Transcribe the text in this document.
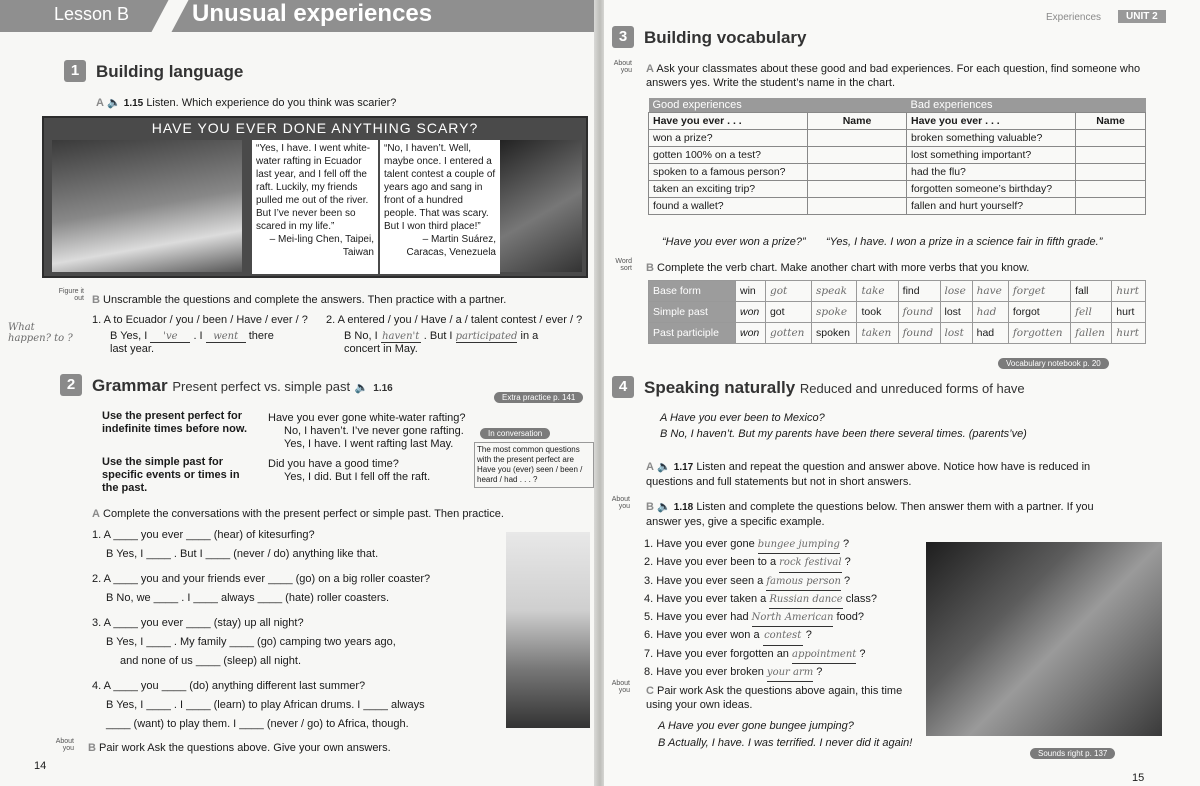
Lesson B	Unusual experiences
1 Building language
A 🔈 1.15 Listen. Which experience do you think was scarier?
HAVE YOU EVER DONE ANYTHING SCARY?
“Yes, I have. I went white-water rafting in Ecuador last year, and I fell off the raft. Luckily, my friends pulled me out of the river. But I’ve never been so scared in my life.”
– Mei-ling Chen, Taipei, Taiwan
“No, I haven’t. Well, maybe once. I entered a talent contest a couple of years ago and sang in front of a hundred people. That was scary. But I won third place!”
– Martin Suárez, Caracas, Venezuela
Figure it out B Unscramble the questions and complete the answers. Then practice with a partner.
What happen? to ?
1. A to Ecuador / you / been / Have / ever / ?
B Yes, I 've . I went there
last year.
2. A entered / you / Have / a / talent contest / ever / ?
B No, I haven't . But I participated in a
concert in May.
2 Grammar Present perfect vs. simple past 🔈 1.16
Extra practice p. 141
Use the present perfect for indefinite times before now.
Have you ever gone white-water rafting?
No, I haven’t. I’ve never gone rafting.
Yes, I have. I went rafting last May.
Use the simple past for specific events or times in the past.
Did you have a good time?
Yes, I did. But I fell off the raft.
In conversation
The most common questions with the present perfect are Have you (ever) seen / been / heard / had . . . ?
A Complete the conversations with the present perfect or simple past. Then practice.
1. A ____ you ever ____ (hear) of kitesurfing?
B Yes, I ____ . But I ____ (never / do) anything like that.
2. A ____ you and your friends ever ____ (go) on a big roller coaster?
B No, we ____ . I ____ always ____ (hate) roller coasters.
3. A ____ you ever ____ (stay) up all night?
B Yes, I ____ . My family ____ (go) camping two years ago,
and none of us ____ (sleep) all night.
4. A ____ you ____ (do) anything different last summer?
B Yes, I ____ . I ____ (learn) to play African drums. I ____ always
____ (want) to play them. I ____ (never / go) to Africa, though.
About you B Pair work Ask the questions above. Give your own answers.
14
Experiences	UNIT 2
3 Building vocabulary
About you A Ask your classmates about these good and bad experiences. For each question, find someone who answers yes. Write the student’s name in the chart.
Good experiences		Bad experiences	
Have you ever . . .	Name	Have you ever . . .	Name
won a prize?		broken something valuable?	
gotten 100% on a test?		lost something important?	
spoken to a famous person?		had the flu?	
taken an exciting trip?		forgotten someone’s birthday?	
found a wallet?		fallen and hurt yourself?	
“Have you ever won a prize?” “Yes, I have. I won a prize in a science fair in fifth grade.”
Word sort B Complete the verb chart. Make another chart with more verbs that you know.
Base form	win	got	speak	take	find	lose	have	forget	fall	hurt
Simple past	won	got	spoke	took	found	lost	had	forgot	fell	hurt
Past participle	won	gotten	spoken	taken	found	lost	had	forgotten	fallen	hurt
Vocabulary notebook p. 20
4 Speaking naturally Reduced and unreduced forms of have
A Have you ever been to Mexico?
B No, I haven’t. But my parents have been there several times. (parents’ve)
A 🔈 1.17 Listen and repeat the question and answer above. Notice how have is reduced in questions and full statements but not in short answers.
About you B 🔈 1.18 Listen and complete the questions below. Then answer them with a partner. If you answer yes, give a specific example.
1. Have you ever gone bungee jumping ?
2. Have you ever been to a rock festival ?
3. Have you ever seen a famous person ?
4. Have you ever taken a Russian dance class?
5. Have you ever had North American food?
6. Have you ever won a contest ?
7. Have you ever forgotten an appointment ?
8. Have you ever broken your arm ?
About you C Pair work Ask the questions above again, this time using your own ideas.
A Have you ever gone bungee jumping?
B Actually, I have. I was terrified. I never did it again!
Sounds right p. 137
15
